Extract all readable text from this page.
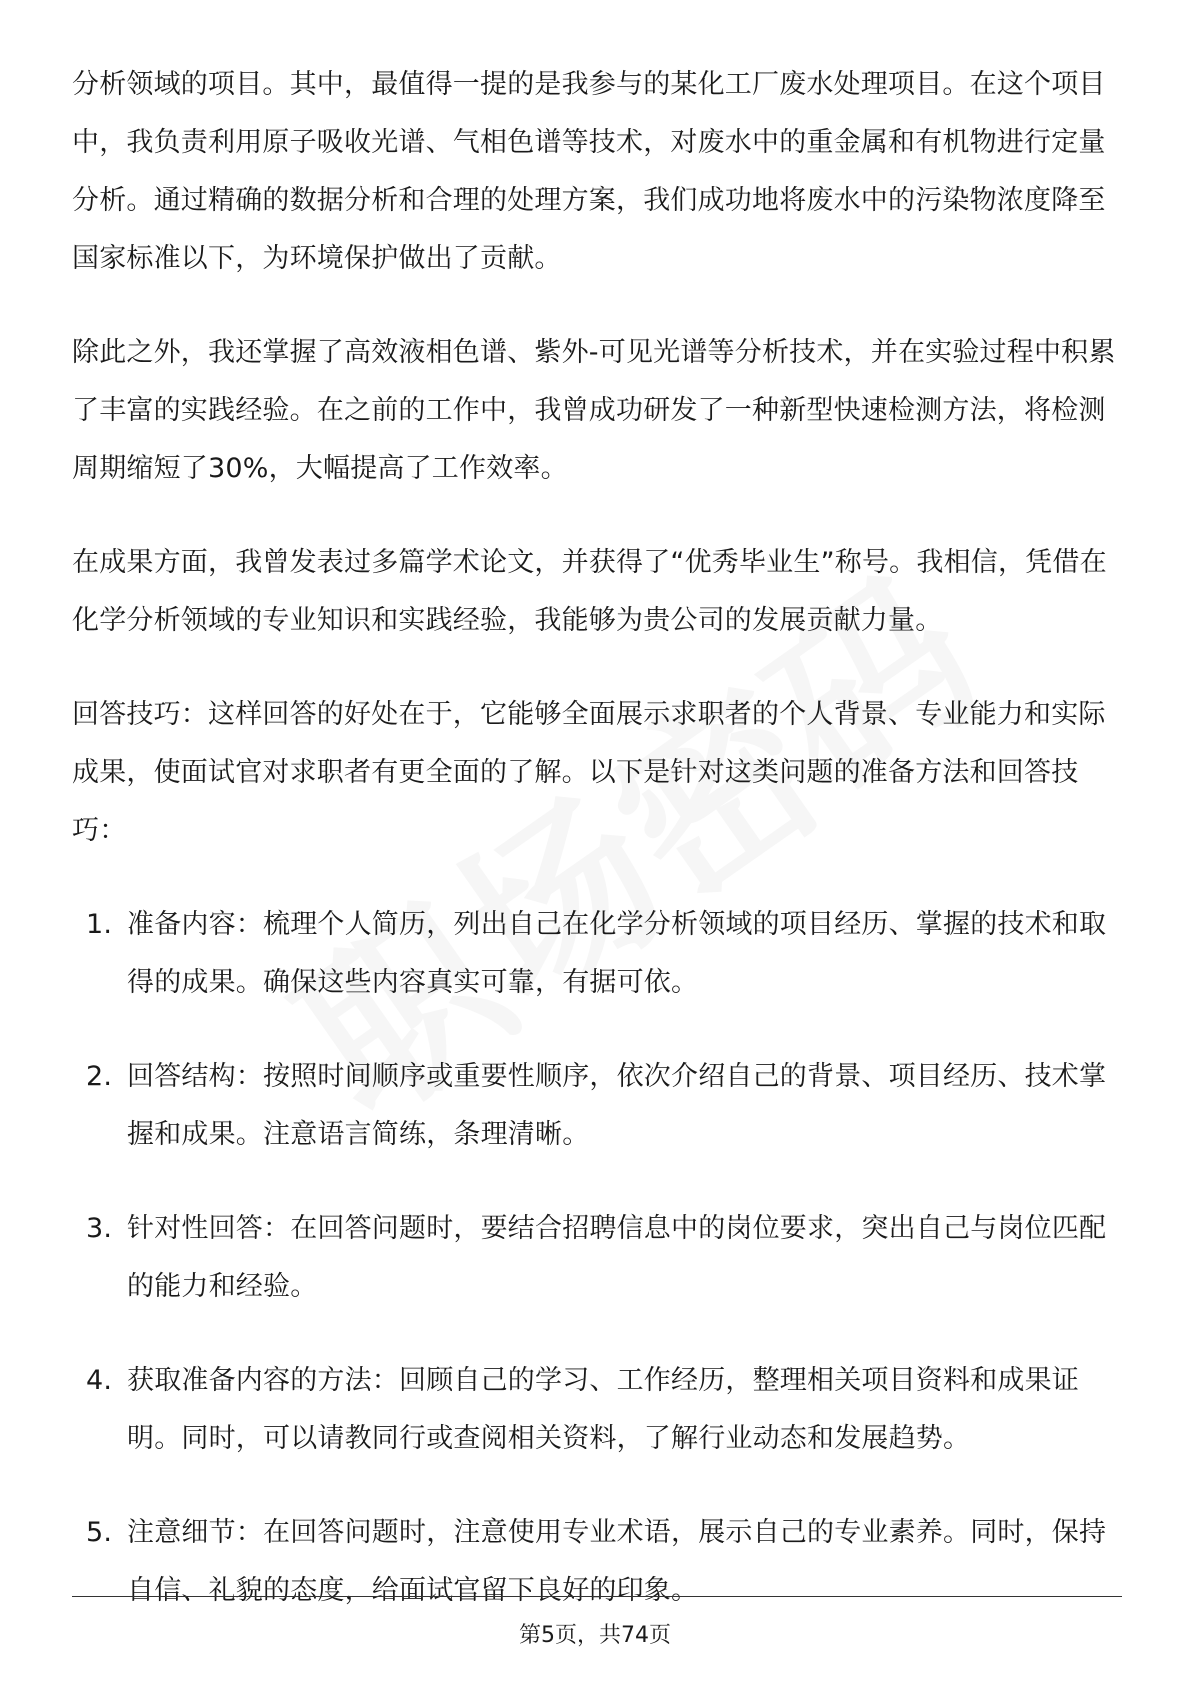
分析领域的项目。其中，最值得一提的是我参与的某化工厂废水处理项目。在这个项目中，我负责利用原子吸收光谱、气相色谱等技术，对废水中的重金属和有机物进行定量分析。通过精确的数据分析和合理的处理方案，我们成功地将废水中的污染物浓度降至国家标准以下，为环境保护做出了贡献。

除此之外，我还掌握了高效液相色谱、紫外-可见光谱等分析技术，并在实验过程中积累了丰富的实践经验。在之前的工作中，我曾成功研发了一种新型快速检测方法，将检测周期缩短了30%，大幅提高了工作效率。

在成果方面，我曾发表过多篇学术论文，并获得了“优秀毕业生”称号。我相信，凭借在化学分析领域的专业知识和实践经验，我能够为贵公司的发展贡献力量。

回答技巧：这样回答的好处在于，它能够全面展示求职者的个人背景、专业能力和实际成果，使面试官对求职者有更全面的了解。以下是针对这类问题的准备方法和回答技巧：

1. 准备内容：梳理个人简历，列出自己在化学分析领域的项目经历、掌握的技术和取得的成果。确保这些内容真实可靠，有据可依。
2. 回答结构：按照时间顺序或重要性顺序，依次介绍自己的背景、项目经历、技术掌握和成果。注意语言简练，条理清晰。
3. 针对性回答：在回答问题时，要结合招聘信息中的岗位要求，突出自己与岗位匹配的能力和经验。
4. 获取准备内容的方法：回顾自己的学习、工作经历，整理相关项目资料和成果证明。同时，可以请教同行或查阅相关资料，了解行业动态和发展趋势。
5. 注意细节：在回答问题时，注意使用专业术语，展示自己的专业素养。同时，保持自信、礼貌的态度，给面试官留下良好的印象。
第5页，共74页
